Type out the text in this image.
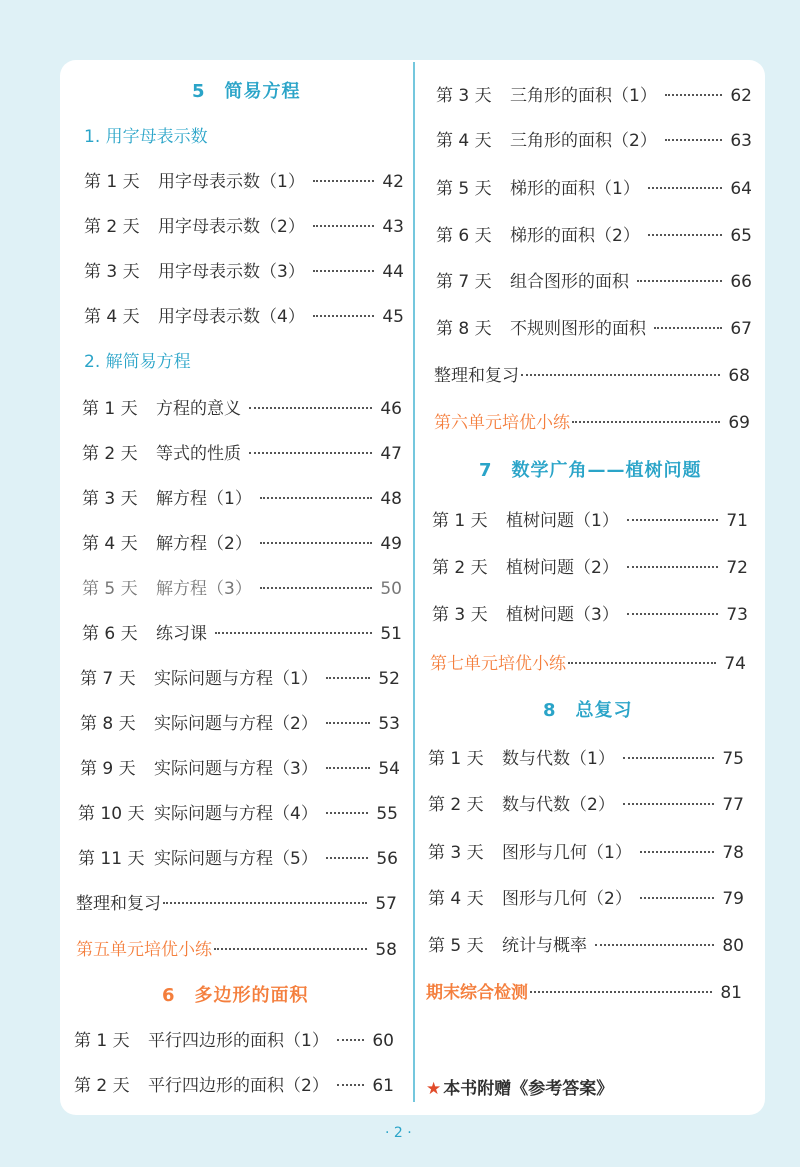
5　简易方程
1. 用字母表示数
第 1 天	用字母表示数（1）	42
第 2 天	用字母表示数（2）	43
第 3 天	用字母表示数（3）	44
第 4 天	用字母表示数（4）	45
2. 解简易方程
第 1 天	方程的意义	46
第 2 天	等式的性质	47
第 3 天	解方程（1）	48
第 4 天	解方程（2）	49
第 5 天	解方程（3）	50
第 6 天	练习课	51
第 7 天	实际问题与方程（1）	52
第 8 天	实际问题与方程（2）	53
第 9 天	实际问题与方程（3）	54
第 10 天 实际问题与方程（4）	55
第 11 天 实际问题与方程（5）	56
整理和复习	57
第五单元培优小练	58
6　多边形的面积
第 1 天	平行四边形的面积（1）	60
第 2 天	平行四边形的面积（2）	61
第 3 天	三角形的面积（1）	62
第 4 天	三角形的面积（2）	63
第 5 天	梯形的面积（1）	64
第 6 天	梯形的面积（2）	65
第 7 天	组合图形的面积	66
第 8 天	不规则图形的面积	67
整理和复习	68
第六单元培优小练	69
7　数学广角——植树问题
第 1 天	植树问题（1）	71
第 2 天	植树问题（2）	72
第 3 天	植树问题（3）	73
第七单元培优小练	74
8　总复习
第 1 天	数与代数（1）	75
第 2 天	数与代数（2）	77
第 3 天	图形与几何（1）	78
第 4 天	图形与几何（2）	79
第 5 天	统计与概率	80
期末综合检测	81
★ 本书附赠《参考答案》
· 2 ·
